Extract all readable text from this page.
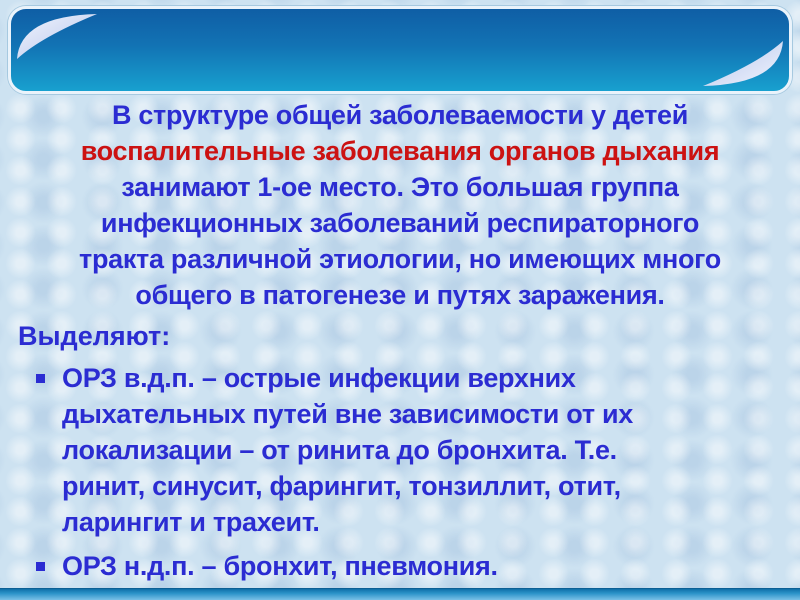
В структуре общей заболеваемости у детей
воспалительные заболевания органов дыхания
занимают 1-ое место. Это большая группа
инфекционных заболеваний респираторного
тракта различной этиологии, но имеющих много
общего в патогенезе и путях заражения.
Выделяют:
ОРЗ в.д.п. – острые инфекции верхних
дыхательных путей вне зависимости от их
локализации – от ринита до бронхита. Т.е.
ринит, синусит, фарингит, тонзиллит, отит,
ларингит и трахеит.
ОРЗ н.д.п. – бронхит, пневмония.
